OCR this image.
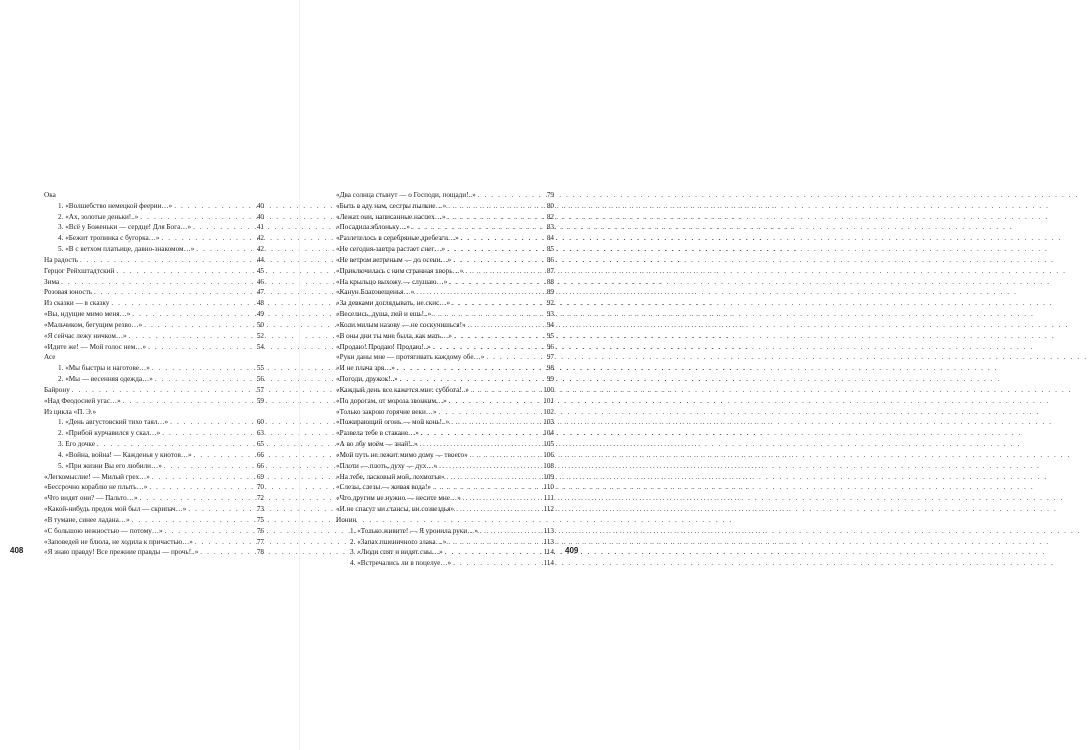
Ока
1. «Волшебство немецкой феерии…» . . .	40
2. «Ах, золотые деньки!..» . . .	40
3. «Всё у Боженьки — сердце! Для Бога…» . . .	41
4. «Бежит тропинка с бугорка…» . . .	42
5. «В с ветхом платьице, давно-знакомом…» . . .	42
На радость . . .	44
Герцог Рейхштадтский . . .	45
Зима . . .	46
Розовая юность . . .	47
Из сказки — в сказку . . .	48
«Вы, идущие мимо меня…» . . .	49
«Мальчиком, бегущим резво…» . . .	50
«Я сейчас лежу ничком…» . . .	52
«Идите же! — Мой голос нем…» . . .	54
Асе
1. «Мы быстры и наготове…» . . .	55
2. «Мы — весенняя одежда…» . . .	56
Байрону . . .	57
«Над Феодосией угас…» . . .	59
Из цикла «П. Э.»
1. «День августовский тихо таял…» . . .	60
2. «Прибой курчавился у скал…» . . .	63
3. Его дочке . . .	65
4. «Война, война! — Кажденья у киотов…» . . .	66
5. «При жизни Вы его любили…» . . .	66
«Легкомыслие! — Милый грех…» . . .	69
«Бессрочно кораблю не плыть…» . . .	70
«Что видят они? — Пальто…» . . .	72
«Какой-нибудь предок мой был — скрипач…» . . .	73
«В тумане, синее ладана…» . . .	75
«С большою нежностью — потому…» . . .	76
«Заповедей не блюла, не ходила к причастью…» . . .	77
«Я знаю правду! Все прежние правды — прочь!..» . . .	78
408
«Два солнца стынут — о Господи, пощади!..» . . .	79
«Быть в аду нам, сестры пылкие…» . . .	80
«Лежат они, написанные наспех…» . . .	82
«Посадила яблоньку…» . . .	83
«Разлетелось в серебряные дребезги…» . . .	84
«Не сегодня-завтра растает снег…» . . .	85
«Не ветром ветреным — до осени…» . . .	86
«Приключилась с ним странная хворь…» . . .	87
«На крыльцо выхожу — слушаю…» . . .	88
«Канун Благовещенья…» . . .	89
«За девками доглядывать, не скис…» . . .	92
«Веселись, душа, пей и ешь!..» . . .	93
«Коли милым назову — не соскучишься!» . . .	94
«В оны дни ты мне была, как мать…» . . .	95
«Продаю! Продаю! Продаю!..» . . .	96
«Руки даны мне — протягивать каждому обе…» . . .	97
«И не плача зря…» . . .	98
«Погоди, дружок!..» . . .	99
«Каждый день все кажется мне: суббота!..» . . .	100
«По дорогам, от мороза звонким…» . . .	101
«Только закрою горячие веки…» . . .	102
«Пожирающий огонь — мой конь!..» . . .	103
«Развела тебе в стакане…» . . .	104
«А во лбу моём — знай!..» . . .	105
«Мой путь не лежит мимо дому — твоего» . . .	106
«Плоти — плоть, духу — дух…» . . .	108
«На тебе, ласковый мой, лохмотья» . . .	109
«Слезы, слезы — живая вода!» . . .	110
«Что другим не нужно — несите мне…» . . .	111
«И не спасут ни стансы, ни созвездья» . . .	112
Ионин
1. «Только живите! — Я уронила руки…» . . .	113
2. «Запах пшеничного злака…» . . .	113
3. «Люди спят и видят сны…» . . .	114
4. «Встречались ли в поцелуе…» . . .	114
409
